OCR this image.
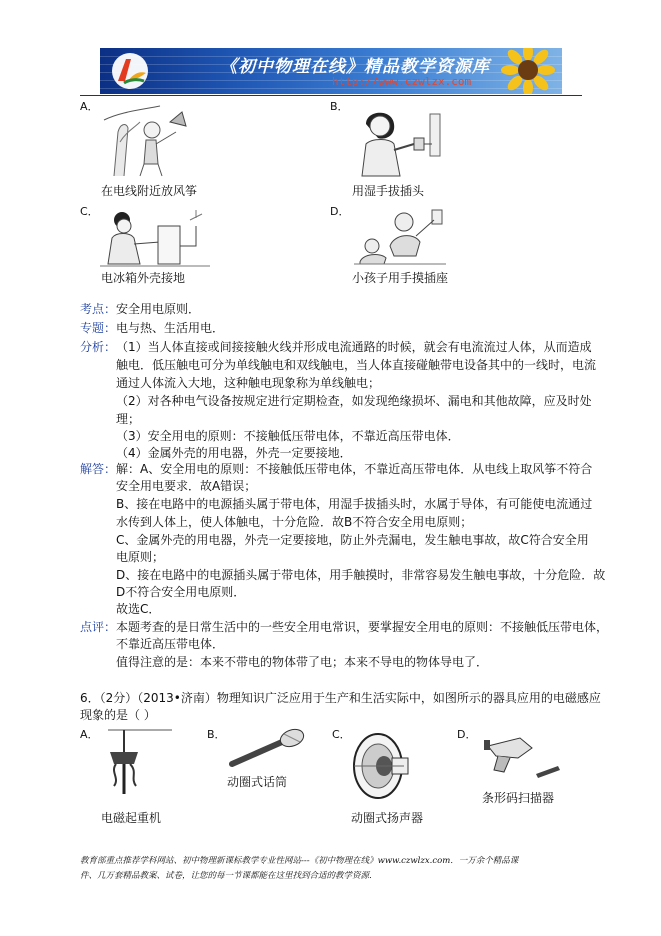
《初中物理在线》精品教学资源库
http://www.czwlzx.com
A．
在电线附近放风筝
B．
用湿手拔插头
C．
电冰箱外壳接地
D．
小孩子用手摸插座
考点： 安全用电原则．
专题： 电与热、生活用电．
分析： （1）当人体直接或间接接触火线并形成电流通路的时候，就会有电流流过人体，从而造成
触电．低压触电可分为单线触电和双线触电，当人体直接碰触带电设备其中的一线时，电流
通过人体流入大地，这种触电现象称为单线触电；
（2）对各种电气设备按规定进行定期检查，如发现绝缘损坏、漏电和其他故障，应及时处
理；
（3）安全用电的原则：不接触低压带电体，不靠近高压带电体．
（4）金属外壳的用电器，外壳一定要接地．
解答： 解：A、安全用电的原则：不接触低压带电体，不靠近高压带电体．从电线上取风筝不符合
安全用电要求．故A错误；
B、接在电路中的电源插头属于带电体，用湿手拔插头时，水属于导体，有可能使电流通过
水传到人体上，使人体触电，十分危险．故B不符合安全用电原则；
C、金属外壳的用电器，外壳一定要接地，防止外壳漏电，发生触电事故，故C符合安全用
电原则；
D、接在电路中的电源插头属于带电体，用手触摸时，非常容易发生触电事故，十分危险．故
D不符合安全用电原则．
故选C．
点评： 本题考查的是日常生活中的一些安全用电常识，要掌握安全用电的原则：不接触低压带电体，
不靠近高压带电体．
值得注意的是：本来不带电的物体带了电；本来不导电的物体导电了．
6．（2分）（2013•济南）物理知识广泛应用于生产和生活实际中，如图所示的器具应用的电磁感应
现象的是（ ）
A．
电磁起重机
B．
动圈式话筒
C．
动圈式扬声器
D．
条形码扫描器
教育部重点推荐学科网站、初中物理新课标教学专业性网站---《初中物理在线》www.czwlzx.com．一万余个精品课
件、几万套精品教案、试卷，让您的每一节课都能在这里找到合适的教学资源．
